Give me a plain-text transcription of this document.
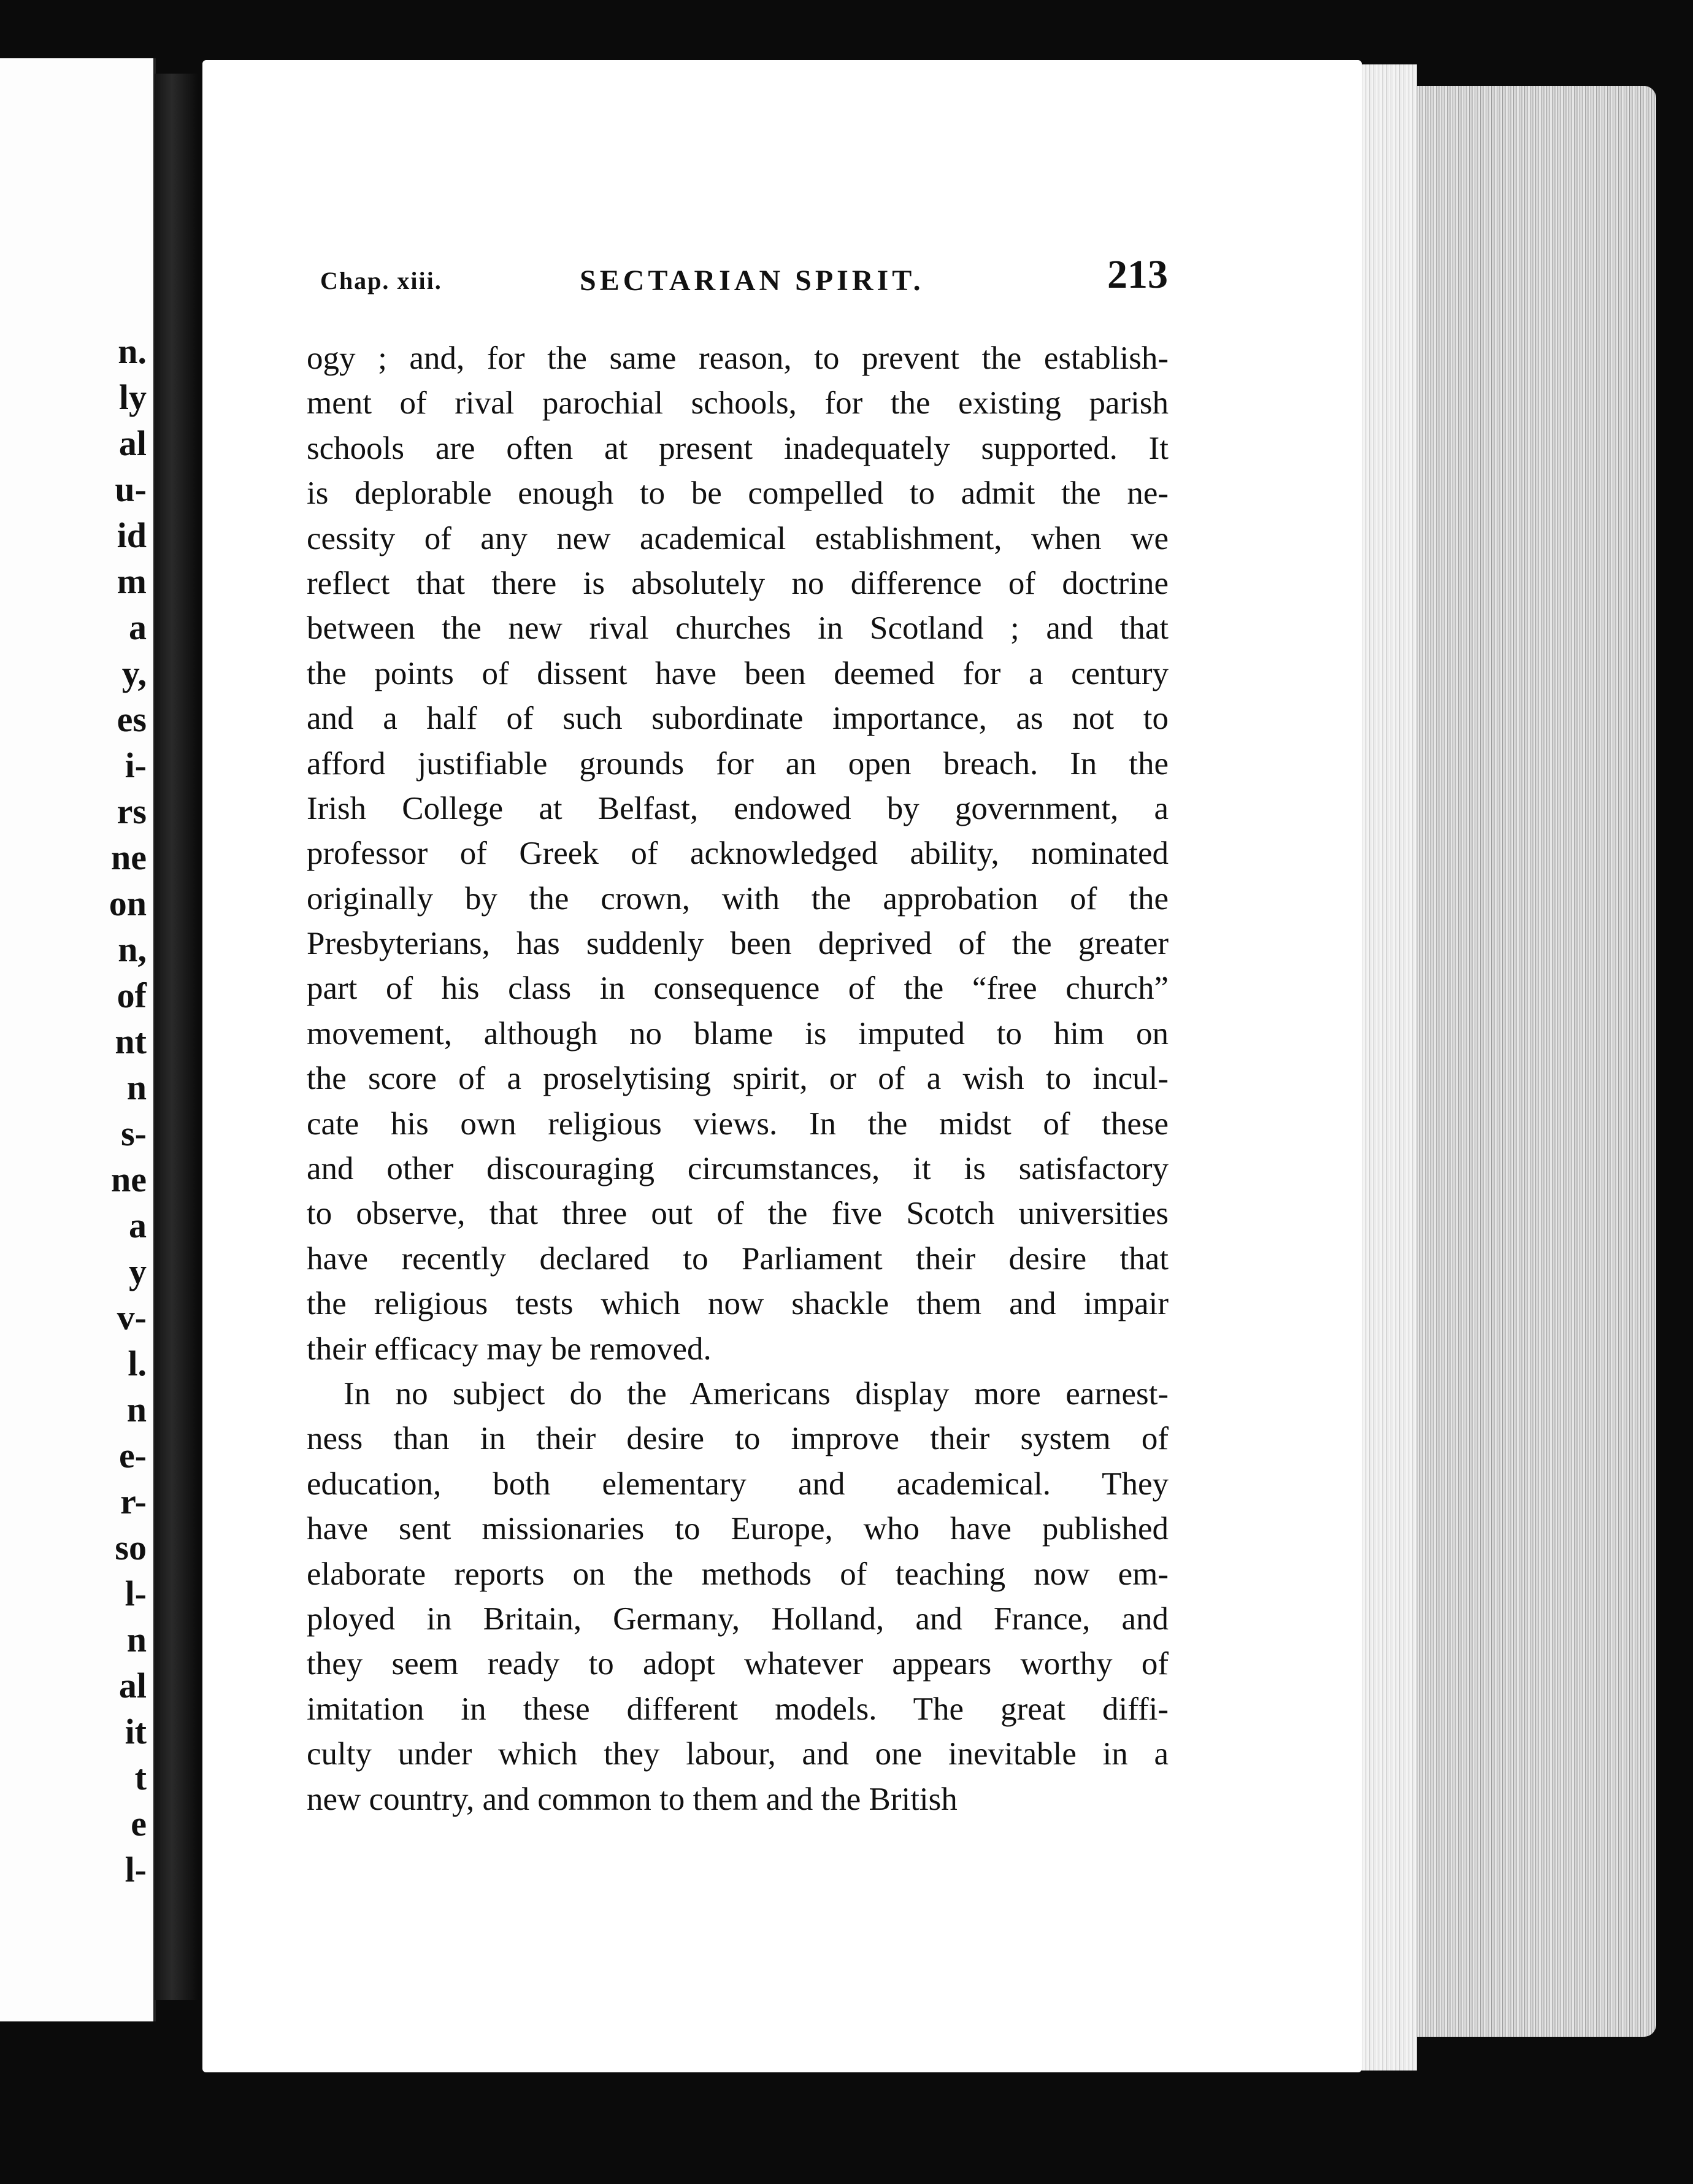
n.
ly
al
u-
id
m
a
y,
es
i-
rs
ne
on
n,
of
nt
n
s-
ne
a
y
v-
l.
n
e-
r-
so
l-
n
al
it
t
e
l-
Chap. xiii.	SECTARIAN SPIRIT.	213
ogy ; and, for the same reason, to prevent the establish-
ment of rival parochial schools, for the existing parish
schools are often at present inadequately supported. It
is deplorable enough to be compelled to admit the ne-
cessity of any new academical establishment, when we
reflect that there is absolutely no difference of doctrine
between the new rival churches in Scotland ; and that
the points of dissent have been deemed for a century
and a half of such subordinate importance, as not to
afford justifiable grounds for an open breach. In the
Irish College at Belfast, endowed by government, a
professor of Greek of acknowledged ability, nominated
originally by the crown, with the approbation of the
Presbyterians, has suddenly been deprived of the greater
part of his class in consequence of the “free church”
movement, although no blame is imputed to him on
the score of a proselytising spirit, or of a wish to incul-
cate his own religious views. In the midst of these
and other discouraging circumstances, it is satisfactory
to observe, that three out of the five Scotch universities
have recently declared to Parliament their desire that
the religious tests which now shackle them and impair
their efficacy may be removed.
In no subject do the Americans display more earnest-
ness than in their desire to improve their system of
education, both elementary and academical. They
have sent missionaries to Europe, who have published
elaborate reports on the methods of teaching now em-
ployed in Britain, Germany, Holland, and France, and
they seem ready to adopt whatever appears worthy of
imitation in these different models. The great diffi-
culty under which they labour, and one inevitable in a
new country, and common to them and the British
